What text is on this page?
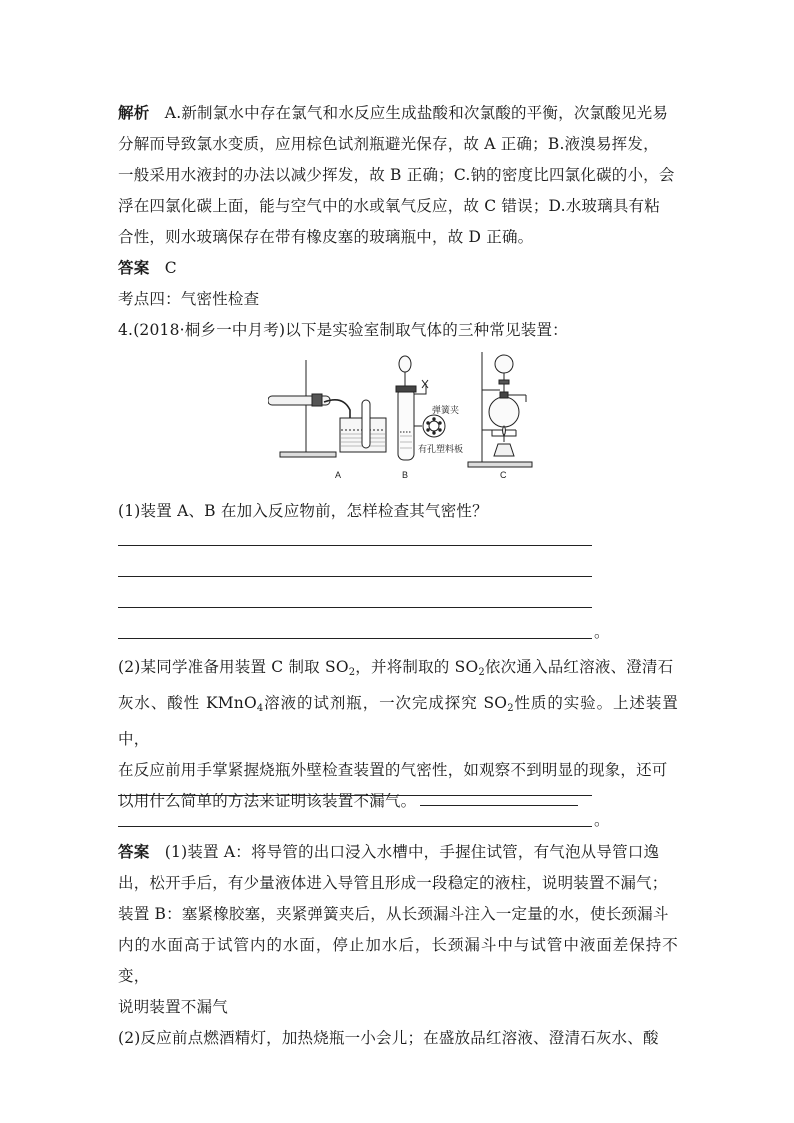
解析 A.新制氯水中存在氯气和水反应生成盐酸和次氯酸的平衡，次氯酸见光易
分解而导致氯水变质，应用棕色试剂瓶避光保存，故 A 正确；B.液溴易挥发，
一般采用水液封的办法以减少挥发，故 B 正确；C.钠的密度比四氯化碳的小，会
浮在四氯化碳上面，能与空气中的水或氧气反应，故 C 错误；D.水玻璃具有粘
合性，则水玻璃保存在带有橡皮塞的玻璃瓶中，故 D 正确。

答案 C

考点四：气密性检查

4.(2018·桐乡一中月考)以下是实验室制取气体的三种常见装置：

A
弹簧夹
有孔塑料板
B	C

(1)装置 A、B 在加入反应物前，怎样检查其气密性？

。

(2)某同学准备用装置 C 制取 $SO_2$，并将制取的 $SO_2$依次通入品红溶液、澄清石
灰水、酸性 KMnO$_4$溶液的试剂瓶，一次完成探究 $SO_2$性质的实验。上述装置中，
在反应前用手掌紧握烧瓶外壁检查装置的气密性，如观察不到明显的现象，还可
以用什么简单的方法来证明该装置不漏气。

。

答案 (1)装置 A：将导管的出口浸入水槽中，手握住试管，有气泡从导管口逸
出，松开手后，有少量液体进入导管且形成一段稳定的液柱，说明装置不漏气；
装置 B：塞紧橡胶塞，夹紧弹簧夹后，从长颈漏斗注入一定量的水，使长颈漏斗
内的水面高于试管内的水面，停止加水后，长颈漏斗中与试管中液面差保持不变，
说明装置不漏气
(2)反应前点燃酒精灯，加热烧瓶一小会儿；在盛放品红溶液、澄清石灰水、酸
